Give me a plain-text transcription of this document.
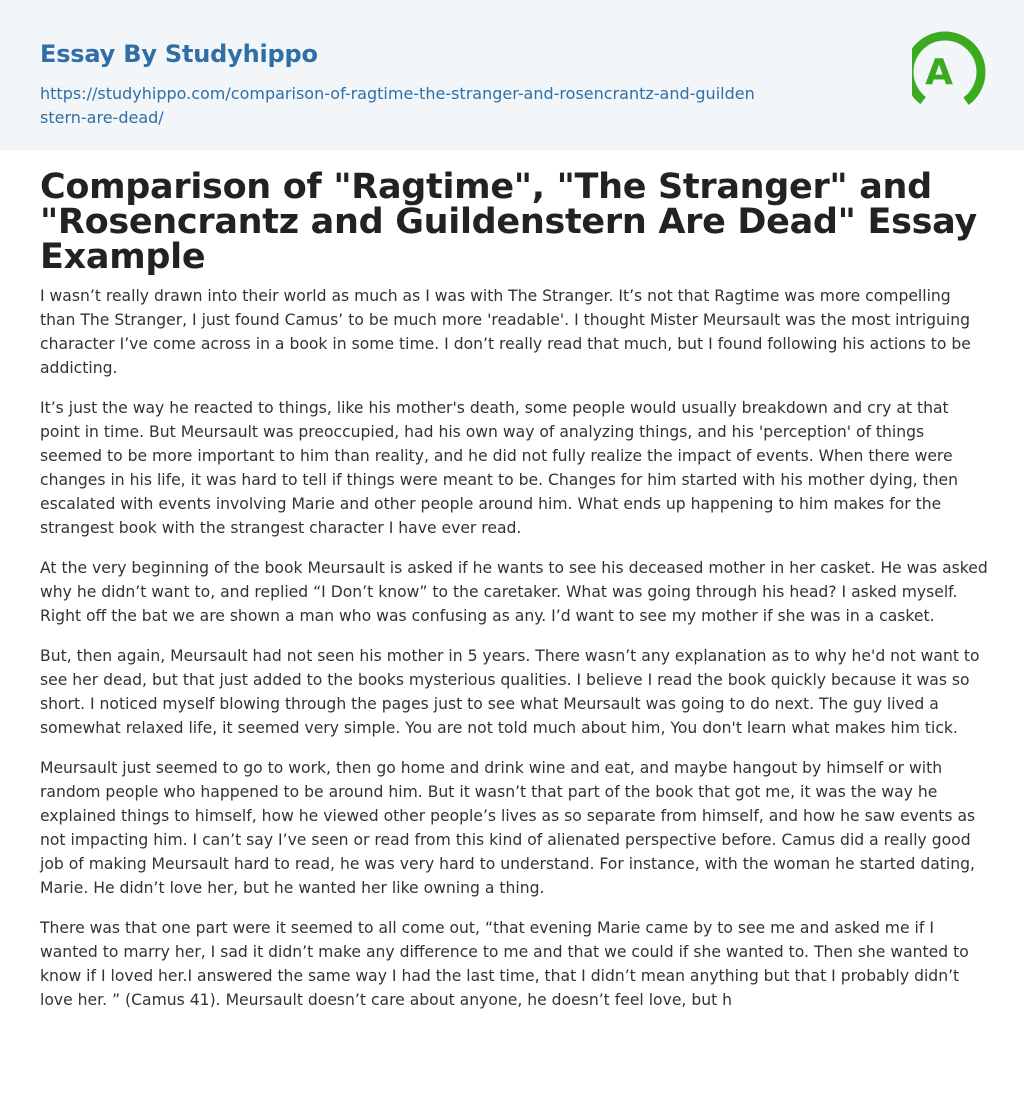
Essay By Studyhippo
https://studyhippo.com/comparison-of-ragtime-the-stranger-and-rosencrantz-and-guildenstern-are-dead/
A
Comparison of "Ragtime", "The Stranger" and "Rosencrantz and Guildenstern Are Dead" Essay Example

I wasn’t really drawn into their world as much as I was with The Stranger. It’s not that Ragtime was more compelling than The Stranger, I just found Camus’ to be much more 'readable'. I thought Mister Meursault was the most intriguing character I’ve come across in a book in some time. I don’t really read that much, but I found following his actions to be addicting.

It’s just the way he reacted to things, like his mother's death, some people would usually breakdown and cry at that point in time. But Meursault was preoccupied, had his own way of analyzing things, and his 'perception' of things seemed to be more important to him than reality, and he did not fully realize the impact of events. When there were changes in his life, it was hard to tell if things were meant to be. Changes for him started with his mother dying, then escalated with events involving Marie and other people around him. What ends up happening to him makes for the strangest book with the strangest character I have ever read.

At the very beginning of the book Meursault is asked if he wants to see his deceased mother in her casket. He was asked why he didn’t want to, and replied “I Don’t know” to the caretaker. What was going through his head? I asked myself. Right off the bat we are shown a man who was confusing as any. I’d want to see my mother if she was in a casket.

But, then again, Meursault had not seen his mother in 5 years. There wasn’t any explanation as to why he'd not want to see her dead, but that just added to the books mysterious qualities. I believe I read the book quickly because it was so short. I noticed myself blowing through the pages just to see what Meursault was going to do next. The guy lived a somewhat relaxed life, it seemed very simple. You are not told much about him, You don't learn what makes him tick.

Meursault just seemed to go to work, then go home and drink wine and eat, and maybe hangout by himself or with random people who happened to be around him. But it wasn’t that part of the book that got me, it was the way he explained things to himself, how he viewed other people’s lives as so separate from himself, and how he saw events as not impacting him. I can’t say I’ve seen or read from this kind of alienated perspective before. Camus did a really good job of making Meursault hard to read, he was very hard to understand. For instance, with the woman he started dating, Marie. He didn’t love her, but he wanted her like owning a thing.

There was that one part were it seemed to all come out, “that evening Marie came by to see me and asked me if I wanted to marry her, I sad it didn’t make any difference to me and that we could if she wanted to. Then she wanted to know if I loved her.I answered the same way I had the last time, that I didn’t mean anything but that I probably didn’t love her. ” (Camus 41). Meursault doesn’t care about anyone, he doesn’t feel love, but h
